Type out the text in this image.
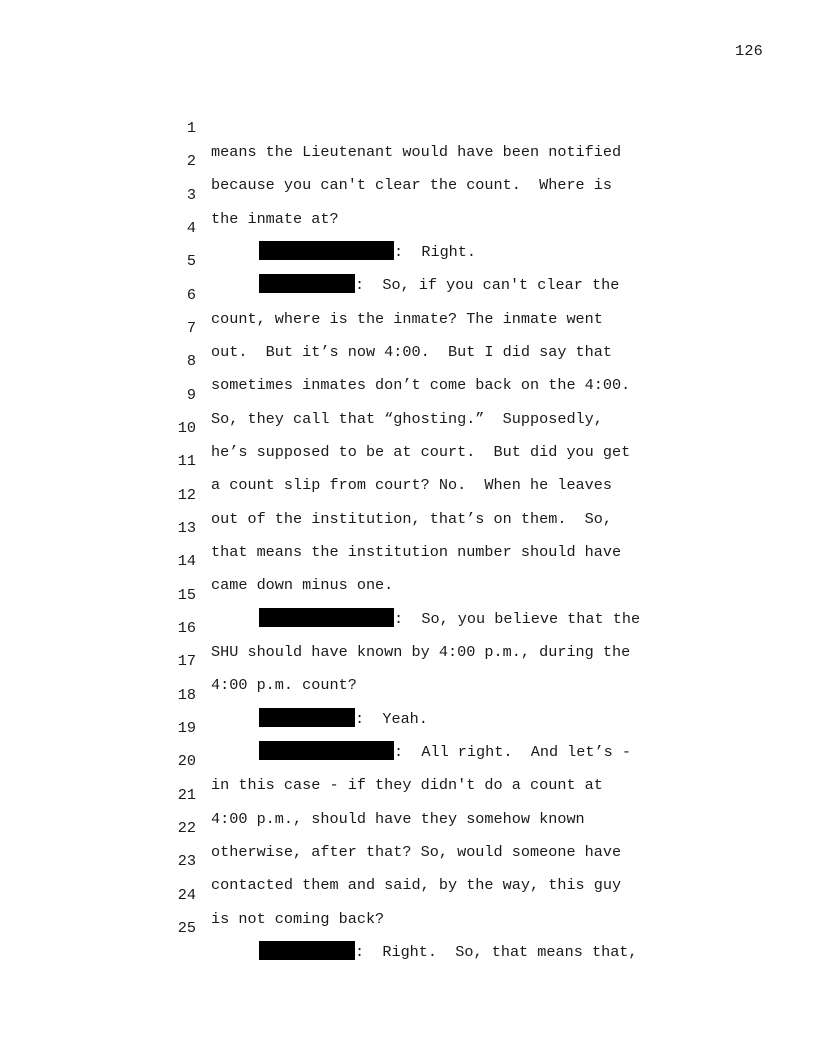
126

1

means the Lieutenant would have been notified

2

because you can't clear the count.  Where is

3

the inmate at?

4

:  Right.

5

:  So, if you can't clear the

6

count, where is the inmate? The inmate went

7

out.  But it’s now 4:00.  But I did say that

8

sometimes inmates don’t come back on the 4:00.

9

So, they call that “ghosting.”  Supposedly,

10

he’s supposed to be at court.  But did you get

11

a count slip from court? No.  When he leaves

12

out of the institution, that’s on them.  So,

13

that means the institution number should have

14

came down minus one.

15

:  So, you believe that the

16

SHU should have known by 4:00 p.m., during the

17

4:00 p.m. count?

18

:  Yeah.

19

:  All right.  And let’s -

20

in this case - if they didn't do a count at

21

4:00 p.m., should have they somehow known

22

otherwise, after that? So, would someone have

23

contacted them and said, by the way, this guy

24

is not coming back?

25

:  Right.  So, that means that,
